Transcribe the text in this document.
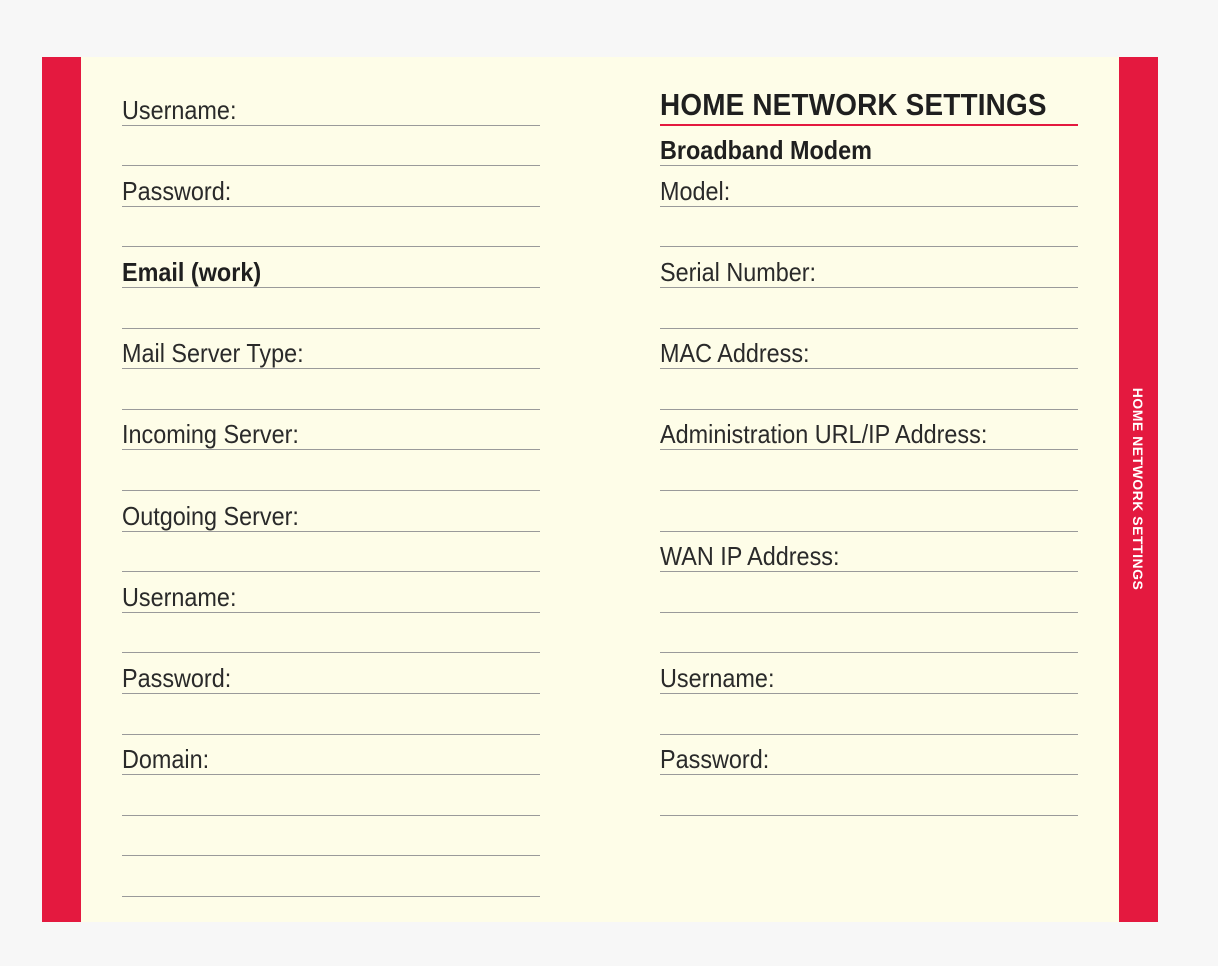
Username:
Password:
Email (work)
Mail Server Type:
Incoming Server:
Outgoing Server:
Username:
Password:
Domain:
HOME NETWORK SETTINGS
Broadband Modem
Model:
Serial Number:
MAC Address:
Administration URL/IP Address:
WAN IP Address:
Username:
Password:
HOME NETWORK SETTINGS
